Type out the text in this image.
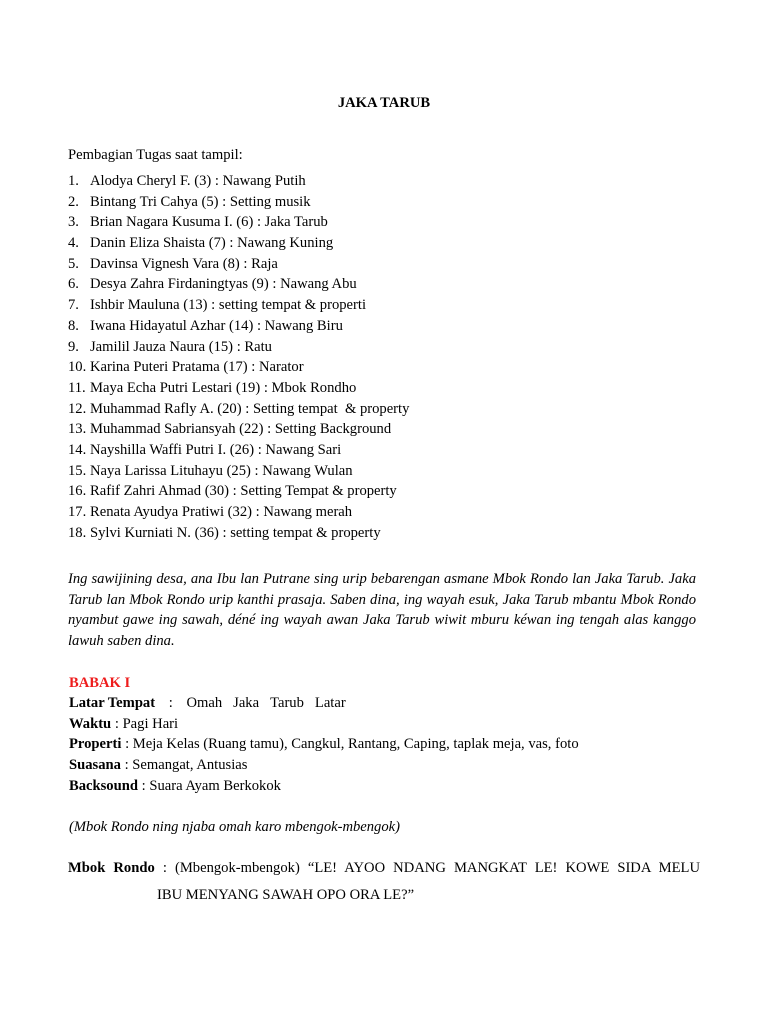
JAKA TARUB
Pembagian Tugas saat tampil:
1. Alodya Cheryl F. (3) : Nawang Putih
2. Bintang Tri Cahya (5) : Setting musik
3. Brian Nagara Kusuma I. (6) : Jaka Tarub
4. Danin Eliza Shaista (7) : Nawang Kuning
5. Davinsa Vignesh Vara (8) : Raja
6. Desya Zahra Firdaningtyas (9) : Nawang Abu
7. Ishbir Mauluna (13) : setting tempat & properti
8. Iwana Hidayatul Azhar (14) : Nawang Biru
9. Jamilil Jauza Naura (15) : Ratu
10. Karina Puteri Pratama (17) : Narator
11. Maya Echa Putri Lestari (19) : Mbok Rondho
12. Muhammad Rafly A. (20) : Setting tempat  & property
13. Muhammad Sabriansyah (22) : Setting Background
14. Nayshilla Waffi Putri I. (26) : Nawang Sari
15. Naya Larissa Lituhayu (25) : Nawang Wulan
16. Rafif Zahri Ahmad (30) : Setting Tempat & property
17. Renata Ayudya Pratiwi (32) : Nawang merah
18. Sylvi Kurniati N. (36) : setting tempat & property

Ing sawijining desa, ana Ibu lan Putrane sing urip bebarengan asmane Mbok Rondo lan Jaka Tarub. Jaka Tarub lan Mbok Rondo urip kanthi prasaja. Saben dina, ing wayah esuk, Jaka Tarub mbantu Mbok Rondo nyambut gawe ing sawah, déné ing wayah awan Jaka Tarub wiwit mburu kéwan ing tengah alas kanggo lawuh saben dina.

BABAK I
Latar Tempat : Omah Jaka Tarub Latar
Waktu : Pagi Hari
Properti : Meja Kelas (Ruang tamu), Cangkul, Rantang, Caping, taplak meja, vas, foto
Suasana : Semangat, Antusias
Backsound : Suara Ayam Berkokok
(Mbok Rondo ning njaba omah karo mbengok-mbengok)
Mbok Rondo : (Mbengok-mbengok) “LE! AYOO NDANG MANGKAT LE! KOWE SIDA MELU
IBU MENYANG SAWAH OPO ORA LE?”
